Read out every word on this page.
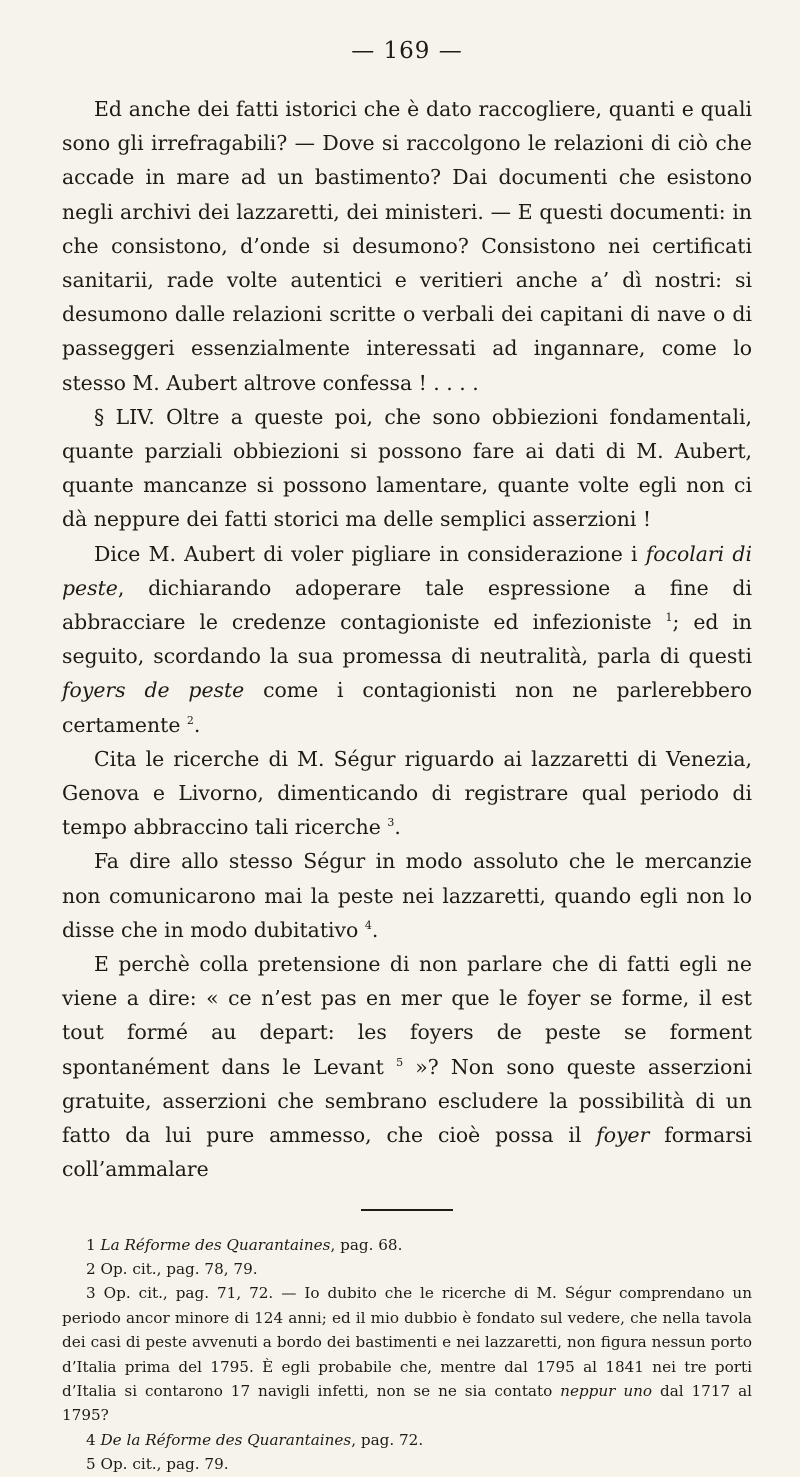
— 169 —

Ed anche dei fatti istorici che è dato raccogliere, quanti e quali sono gli irrefragabili? — Dove si raccolgono le relazioni di ciò che accade in mare ad un bastimento? Dai documenti che esistono negli archivi dei lazzaretti, dei ministeri. — E questi documenti: in che consistono, d’onde si desumono? Consistono nei certificati sanitarii, rade volte autentici e veritieri anche a’ dì nostri: si desumono dalle relazioni scritte o verbali dei capitani di nave o di passeggeri essenzialmente interessati ad ingannare, come lo stesso M. Aubert altrove confessa ! . . . .

§ LIV. Oltre a queste poi, che sono obbiezioni fondamentali, quante parziali obbiezioni si possono fare ai dati di M. Aubert, quante mancanze si possono lamentare, quante volte egli non ci dà neppure dei fatti storici ma delle semplici asserzioni !

Dice M. Aubert di voler pigliare in considerazione i focolari di peste, dichiarando adoperare tale espressione a fine di abbracciare le credenze contagioniste ed infezioniste $^1$; ed in seguito, scordando la sua promessa di neutralità, parla di questi foyers de peste come i contagionisti non ne parlerebbero certamente $^2$.

Cita le ricerche di M. Ségur riguardo ai lazzaretti di Venezia, Genova e Livorno, dimenticando di registrare qual periodo di tempo abbraccino tali ricerche $^3$.

Fa dire allo stesso Ségur in modo assoluto che le mercanzie non comunicarono mai la peste nei lazzaretti, quando egli non lo disse che in modo dubitativo $^4$.

E perchè colla pretensione di non parlare che di fatti egli ne viene a dire: « ce n’est pas en mer que le foyer se forme, il est tout formé au depart: les foyers de peste se forment spontanément dans le Levant $^5$ »? Non sono queste asserzioni gratuite, asserzioni che sembrano escludere la possibilità di un fatto da lui pure ammesso, che cioè possa il foyer formarsi coll’ammalare

1 La Réforme des Quarantaines, pag. 68.

2 Op. cit., pag. 78, 79.

3 Op. cit., pag. 71, 72. — Io dubito che le ricerche di M. Ségur comprendano un periodo ancor minore di 124 anni; ed il mio dubbio è fondato sul vedere, che nella tavola dei casi di peste avvenuti a bordo dei bastimenti e nei lazzaretti, non figura nessun porto d’Italia prima del 1795. È egli probabile che, mentre dal 1795 al 1841 nei tre porti d’Italia si contarono 17 navigli infetti, non se ne sia contato neppur uno dal 1717 al 1795?

4 De la Réforme des Quarantaines, pag. 72.

5 Op. cit., pag. 79.
